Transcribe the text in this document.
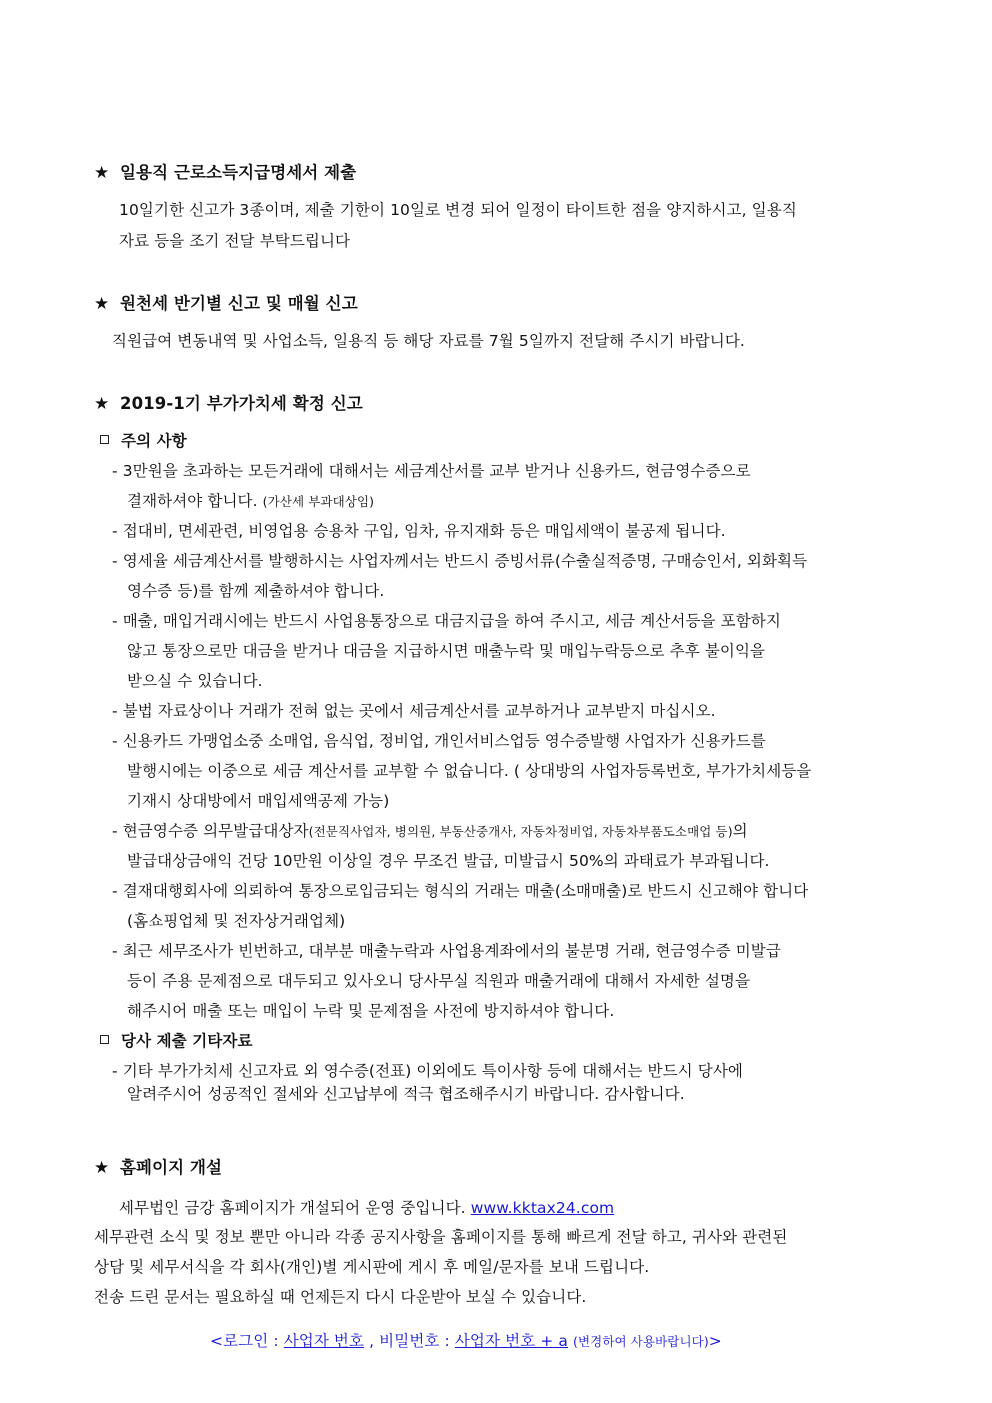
★ 일용직 근로소득지급명세서 제출
10일기한 신고가 3종이며, 제출 기한이 10일로 변경 되어 일정이 타이트한 점을 양지하시고, 일용직
자료 등을 조기 전달 부탁드립니다
★ 원천세 반기별 신고 및 매월 신고
직원급여 변동내역 및 사업소득, 일용직 등 해당 자료를 7월 5일까지 전달해 주시기 바랍니다.
★ 2019-1기 부가가치세 확정 신고
주의 사항
- 3만원을 초과하는 모든거래에 대해서는 세금계산서를 교부 받거나 신용카드, 현금영수증으로
결재하셔야 합니다. (가산세 부과대상임)
- 접대비, 면세관련, 비영업용 승용차 구입, 임차, 유지재화 등은 매입세액이 불공제 됩니다.
- 영세율 세금계산서를 발행하시는 사업자께서는 반드시 증빙서류(수출실적증명, 구매승인서, 외화획득
영수증 등)를 함께 제출하셔야 합니다.
- 매출, 매입거래시에는 반드시 사업용통장으로 대금지급을 하여 주시고, 세금 계산서등을 포함하지
않고 통장으로만 대금을 받거나 대금을 지급하시면 매출누락 및 매입누락등으로 추후 불이익을
받으실 수 있습니다.
- 불법 자료상이나 거래가 전혀 없는 곳에서 세금계산서를 교부하거나 교부받지 마십시오.
- 신용카드 가맹업소중 소매업, 음식업, 정비업, 개인서비스업등 영수증발행 사업자가 신용카드를
발행시에는 이중으로 세금 계산서를 교부할 수 없습니다. ( 상대방의 사업자등록번호, 부가가치세등을
기재시 상대방에서 매입세액공제 가능)
- 현금영수증 의무발급대상자(전문직사업자, 병의원, 부동산중개사, 자동차정비업, 자동차부품도소매업 등)의
발급대상금애익 건당 10만원 이상일 경우 무조건 발급, 미발급시 50%의 과태료가 부과됩니다.
- 결재대행회사에 의뢰하여 통장으로입금되는 형식의 거래는 매출(소매매출)로 반드시 신고해야 합니다
(홈쇼핑업체 및 전자상거래업체)
- 최근 세무조사가 빈번하고, 대부분 매출누락과 사업용계좌에서의 불분명 거래, 현금영수증 미발급
등이 주용 문제점으로 대두되고 있사오니 당사무실 직원과 매출거래에 대해서 자세한 설명을
해주시어 매출 또는 매입이 누락 및 문제점을 사전에 방지하셔야 합니다.
당사 제출 기타자료
- 기타 부가가치세 신고자료 외 영수증(전표) 이외에도 특이사항 등에 대해서는 반드시 당사에
알려주시어 성공적인 절세와 신고납부에 적극 협조해주시기 바랍니다. 감사합니다.
★ 홈페이지 개설
세무법인 금강 홈페이지가 개설되어 운영 중입니다. www.kktax24.com
세무관련 소식 및 정보 뿐만 아니라 각종 공지사항을 홈페이지를 통해 빠르게 전달 하고, 귀사와 관련된
상담 및 세무서식을 각 회사(개인)별 게시판에 게시 후 메일/문자를 보내 드립니다.
전송 드린 문서는 필요하실 때 언제든지 다시 다운받아 보실 수 있습니다.
<로그인 : 사업자 번호 , 비밀번호 : 사업자 번호 + a (변경하여 사용바랍니다)>
